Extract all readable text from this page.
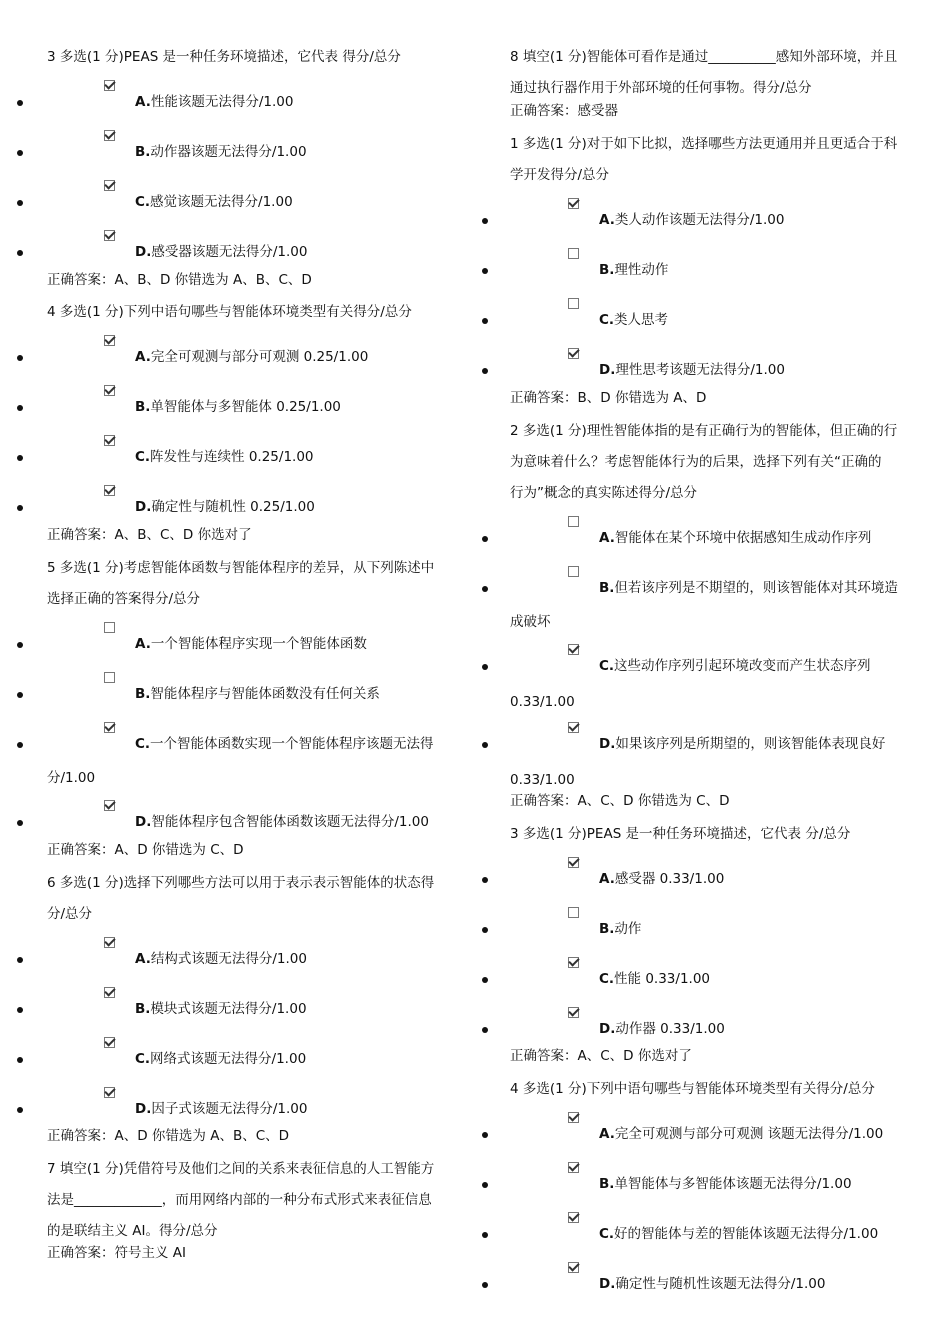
3 多选(1 分)PEAS 是一种任务环境描述，它代表 得分/总分
A.性能该题无法得分/1.00
B.动作器该题无法得分/1.00
C.感觉该题无法得分/1.00
D.感受器该题无法得分/1.00
正确答案：A、B、D 你错选为 A、B、C、D
4 多选(1 分)下列中语句哪些与智能体环境类型有关得分/总分
A.完全可观测与部分可观测 0.25/1.00
B.单智能体与多智能体 0.25/1.00
C.阵发性与连续性 0.25/1.00
D.确定性与随机性 0.25/1.00
正确答案：A、B、C、D 你选对了
5 多选(1 分)考虑智能体函数与智能体程序的差异，从下列陈述中
选择正确的答案得分/总分
A.一个智能体程序实现一个智能体函数
B.智能体程序与智能体函数没有任何关系
C.一个智能体函数实现一个智能体程序该题无法得
分/1.00
D.智能体程序包含智能体函数该题无法得分/1.00
正确答案：A、D 你错选为 C、D
6 多选(1 分)选择下列哪些方法可以用于表示表示智能体的状态得
分/总分
A.结构式该题无法得分/1.00
B.模块式该题无法得分/1.00
C.网络式该题无法得分/1.00
D.因子式该题无法得分/1.00
正确答案：A、D 你错选为 A、B、C、D
7 填空(1 分)凭借符号及他们之间的关系来表征信息的人工智能方
法是_____________，而用网络内部的一种分布式形式来表征信息
的是联结主义 AI。得分/总分
正确答案：符号主义 AI
8 填空(1 分)智能体可看作是通过__________感知外部环境，并且
通过执行器作用于外部环境的任何事物。得分/总分
正确答案：感受器
1 多选(1 分)对于如下比拟，选择哪些方法更通用并且更适合于科
学开发得分/总分
A.类人动作该题无法得分/1.00
B.理性动作
C.类人思考
D.理性思考该题无法得分/1.00
正确答案：B、D 你错选为 A、D
2 多选(1 分)理性智能体指的是有正确行为的智能体，但正确的行
为意味着什么？考虑智能体行为的后果，选择下列有关“正确的
行为”概念的真实陈述得分/总分
A.智能体在某个环境中依据感知生成动作序列
B.但若该序列是不期望的，则该智能体对其环境造
成破坏
C.这些动作序列引起环境改变而产生状态序列
0.33/1.00
D.如果该序列是所期望的，则该智能体表现良好
0.33/1.00
正确答案：A、C、D 你错选为 C、D
3 多选(1 分)PEAS 是一种任务环境描述，它代表 分/总分
A.感受器 0.33/1.00
B.动作
C.性能 0.33/1.00
D.动作器 0.33/1.00
正确答案：A、C、D 你选对了
4 多选(1 分)下列中语句哪些与智能体环境类型有关得分/总分
A.完全可观测与部分可观测 该题无法得分/1.00
B.单智能体与多智能体该题无法得分/1.00
C.好的智能体与差的智能体该题无法得分/1.00
D.确定性与随机性该题无法得分/1.00
